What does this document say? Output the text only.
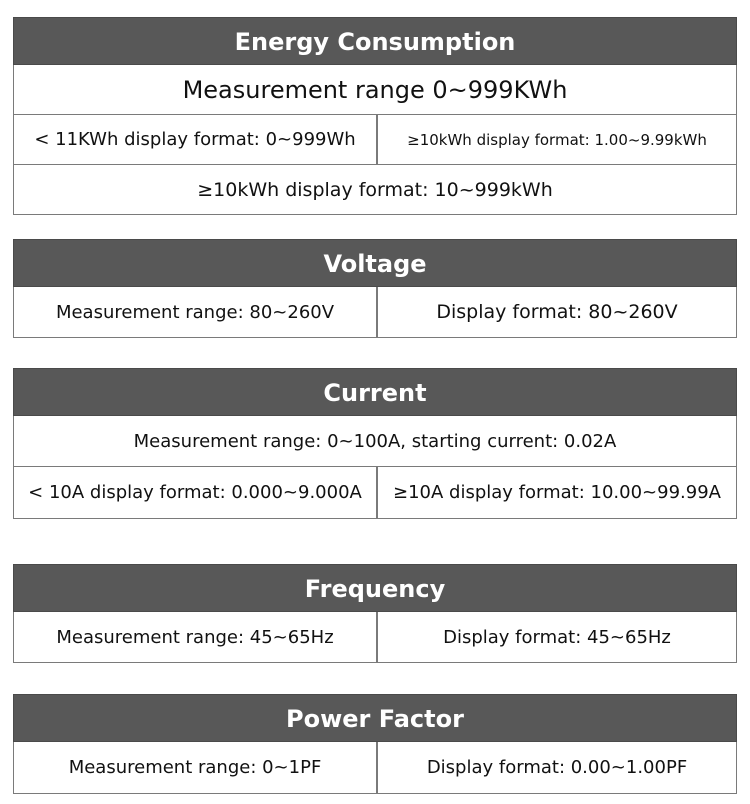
Energy Consumption
Measurement range 0~999KWh
< 11KWh display format: 0~999Wh	≥10kWh display format: 1.00~9.99kWh
≥10kWh display format: 10~999kWh
Voltage
Measurement range: 80~260V	Display format: 80~260V
Current
Measurement range: 0~100A, starting current: 0.02A
< 10A display format: 0.000~9.000A	≥10A display format: 10.00~99.99A
Frequency
Measurement range: 45~65Hz	Display format: 45~65Hz
Power Factor
Measurement range: 0~1PF	Display format: 0.00~1.00PF
